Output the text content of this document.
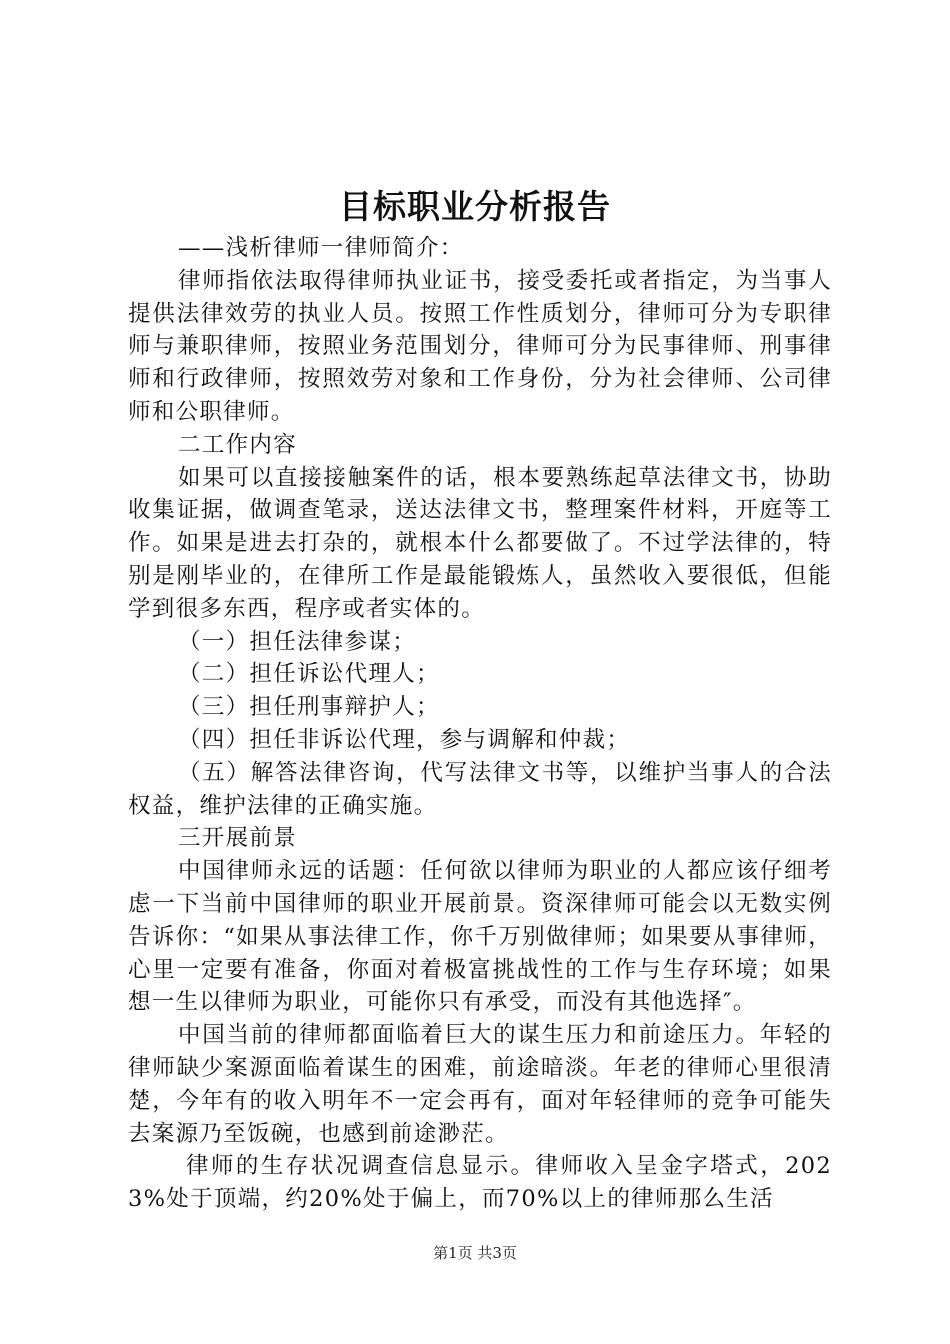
目标职业分析报告

——浅析律师一律师简介：

律师指依法取得律师执业证书，接受委托或者指定，为当事人提供法律效劳的执业人员。按照工作性质划分，律师可分为专职律师与兼职律师，按照业务范围划分，律师可分为民事律师、刑事律师和行政律师，按照效劳对象和工作身份，分为社会律师、公司律师和公职律师。

二工作内容

如果可以直接接触案件的话，根本要熟练起草法律文书，协助收集证据，做调查笔录，送达法律文书，整理案件材料，开庭等工作。如果是进去打杂的，就根本什么都要做了。不过学法律的，特别是刚毕业的，在律所工作是最能锻炼人，虽然收入要很低，但能学到很多东西，程序或者实体的。

（一）担任法律参谋；

（二）担任诉讼代理人；

（三）担任刑事辩护人；

（四）担任非诉讼代理，参与调解和仲裁；

（五）解答法律咨询，代写法律文书等，以维护当事人的合法权益，维护法律的正确实施。

三开展前景

中国律师永远的话题：任何欲以律师为职业的人都应该仔细考虑一下当前中国律师的职业开展前景。资深律师可能会以无数实例告诉你：“如果从事法律工作，你千万别做律师；如果要从事律师，心里一定要有准备，你面对着极富挑战性的工作与生存环境；如果想一生以律师为职业，可能你只有承受，而没有其他选择″。

中国当前的律师都面临着巨大的谋生压力和前途压力。年轻的律师缺少案源面临着谋生的困难，前途暗淡。年老的律师心里很清楚，今年有的收入明年不一定会再有，面对年轻律师的竞争可能失去案源乃至饭碗，也感到前途渺茫。

律师的生存状况调查信息显示。律师收入呈金字塔式，2023%处于顶端，约20%处于偏上，而70%以上的律师那么生活

第1页 共3页
